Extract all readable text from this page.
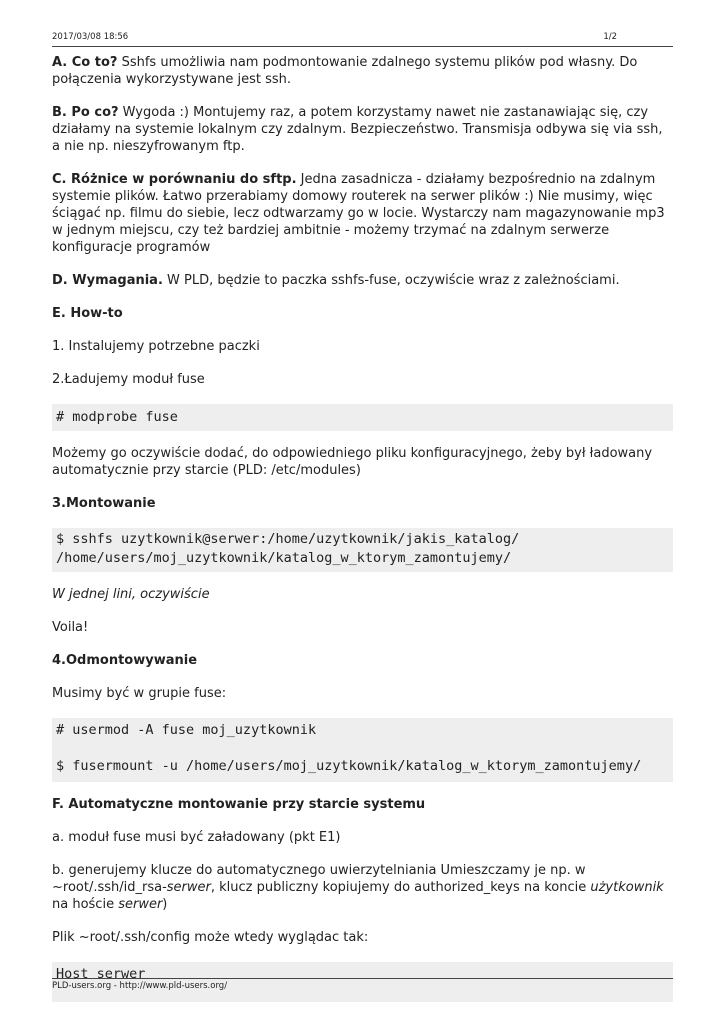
2017/03/08 18:56	1/2

A. Co to? Sshfs umożliwia nam podmontowanie zdalnego systemu plików pod własny. Do połączenia wykorzystywane jest ssh.

B. Po co? Wygoda :) Montujemy raz, a potem korzystamy nawet nie zastanawiając się, czy działamy na systemie lokalnym czy zdalnym. Bezpieczeństwo. Transmisja odbywa się via ssh, a nie np. nieszyfrowanym ftp.

C. Różnice w porównaniu do sftp. Jedna zasadnicza - działamy bezpośrednio na zdalnym systemie plików. Łatwo przerabiamy domowy routerek na serwer plików :) Nie musimy, więc ściągać np. filmu do siebie, lecz odtwarzamy go w locie. Wystarczy nam magazynowanie mp3 w jednym miejscu, czy też bardziej ambitnie - możemy trzymać na zdalnym serwerze konfiguracje programów

D. Wymagania. W PLD, będzie to paczka sshfs-fuse, oczywiście wraz z zależnościami.

E. How-to

1. Instalujemy potrzebne paczki

2.Ładujemy moduł fuse

# modprobe fuse

Możemy go oczywiście dodać, do odpowiedniego pliku konfiguracyjnego, żeby był ładowany automatycznie przy starcie (PLD: /etc/modules)

3.Montowanie

$ sshfs uzytkownik@serwer:/home/uzytkownik/jakis_katalog/
/home/users/moj_uzytkownik/katalog_w_ktorym_zamontujemy/

W jednej lini, oczywiście

Voila!

4.Odmontowywanie

Musimy być w grupie fuse:

# usermod -A fuse moj_uzytkownik
$ fusermount -u /home/users/moj_uzytkownik/katalog_w_ktorym_zamontujemy/

F. Automatyczne montowanie przy starcie systemu

a. moduł fuse musi być załadowany (pkt E1)

b. generujemy klucze do automatycznego uwierzytelniania Umieszczamy je np. w ~root/.ssh/id_rsa-serwer, klucz publiczny kopiujemy do authorized_keys na koncie użytkownik na hoście serwer)

Plik ~root/.ssh/config może wtedy wyglądac tak:

Host serwer
PLD-users.org - http://www.pld-users.org/
